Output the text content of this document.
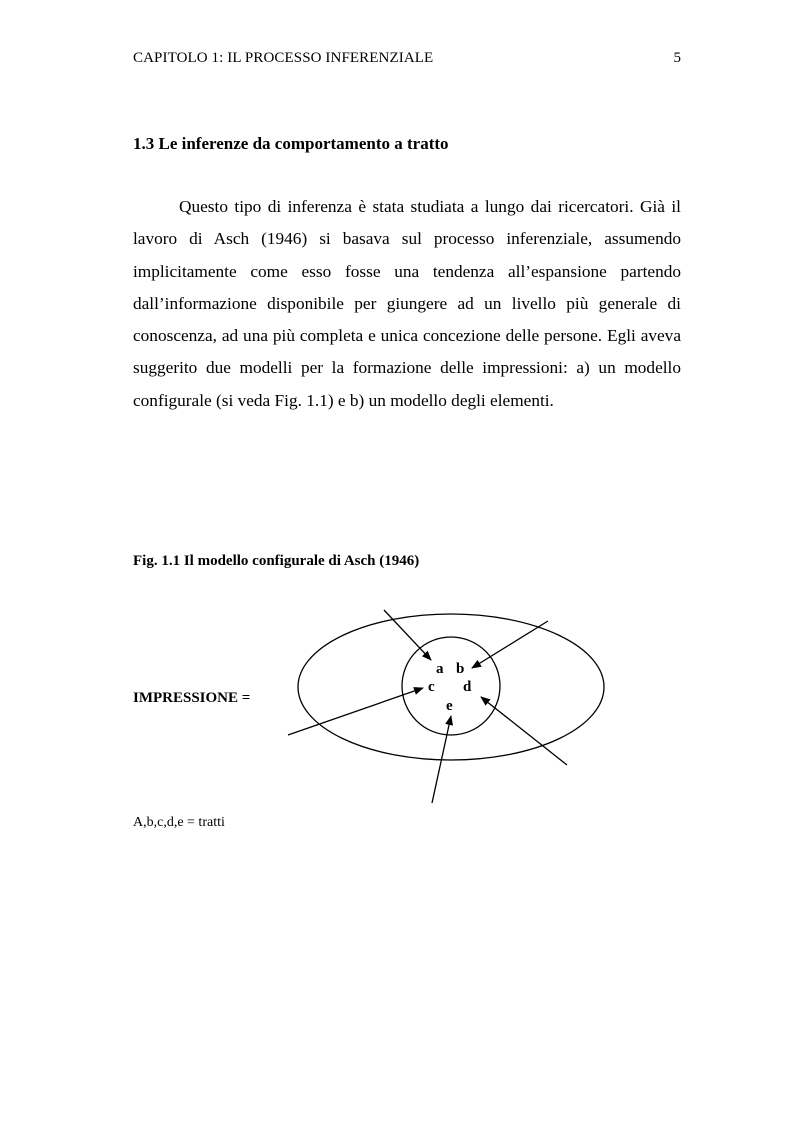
CAPITOLO 1: IL PROCESSO INFERENZIALE	5
1.3 Le inferenze da comportamento a tratto

Questo tipo di inferenza è stata studiata a lungo dai ricercatori. Già il lavoro di Asch (1946) si basava sul processo inferenziale, assumendo implicitamente come esso fosse una tendenza all’espansione partendo dall’informazione disponibile per giungere ad un livello più generale di conoscenza, ad una più completa e unica concezione delle persone. Egli aveva suggerito due modelli per la formazione delle impressioni: a) un modello configurale (si veda Fig. 1.1) e b) un modello degli elementi.

Fig. 1.1 Il modello configurale di Asch (1946)

IMPRESSIONE =
a b
c d
e
A,b,c,d,e = tratti
